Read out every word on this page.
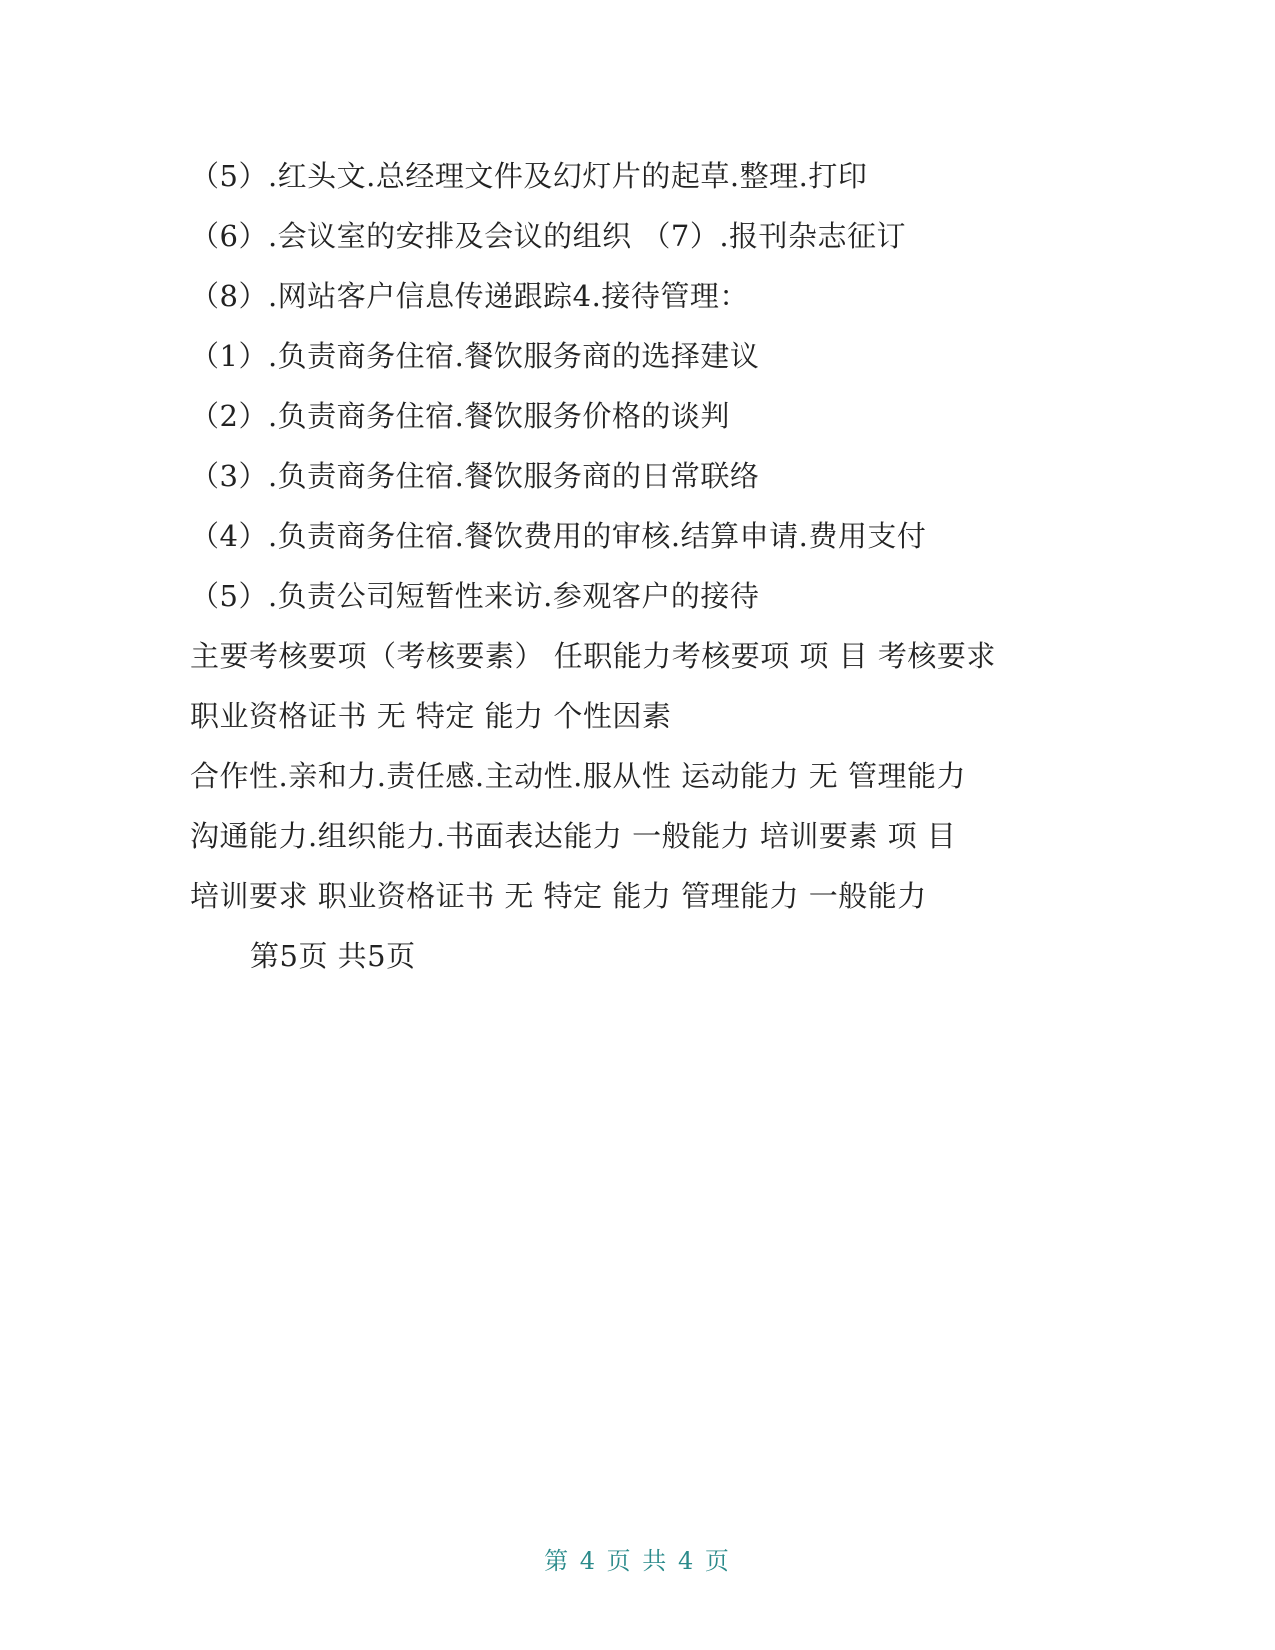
（5）.红头文.总经理文件及幻灯片的起草.整理.打印
（6）.会议室的安排及会议的组织 （7）.报刊杂志征订
（8）.网站客户信息传递跟踪4.接待管理：
（1）.负责商务住宿.餐饮服务商的选择建议
（2）.负责商务住宿.餐饮服务价格的谈判
（3）.负责商务住宿.餐饮服务商的日常联络
（4）.负责商务住宿.餐饮费用的审核.结算申请.费用支付
（5）.负责公司短暂性来访.参观客户的接待
主要考核要项（考核要素） 任职能力考核要项 项 目 考核要求
职业资格证书 无 特定 能力 个性因素
合作性.亲和力.责任感.主动性.服从性 运动能力 无 管理能力
沟通能力.组织能力.书面表达能力 一般能力 培训要素 项 目
培训要求 职业资格证书 无 特定 能力 管理能力 一般能力
第5页 共5页
第 4 页 共 4 页
